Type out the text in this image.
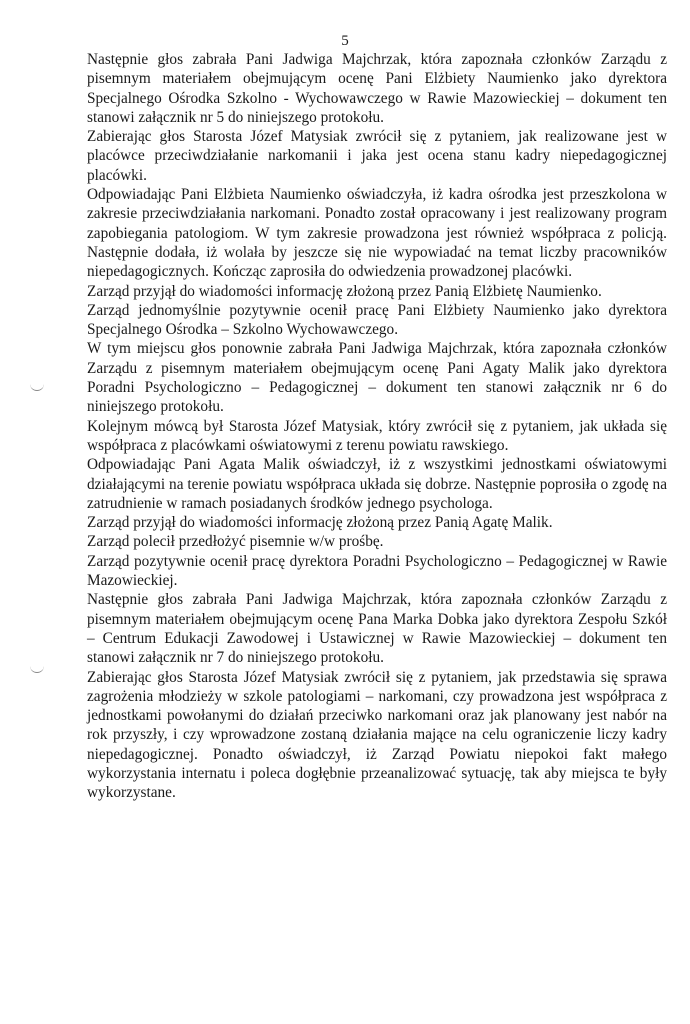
5

Następnie głos zabrała Pani Jadwiga Majchrzak, która zapoznała członków Zarządu z pisemnym materiałem obejmującym ocenę Pani Elżbiety Naumienko jako dyrektora Specjalnego Ośrodka Szkolno - Wychowawczego w Rawie Mazowieckiej – dokument ten stanowi załącznik nr 5 do niniejszego protokołu.

Zabierając głos Starosta Józef Matysiak zwrócił się z pytaniem, jak realizowane jest w placówce przeciwdziałanie narkomanii i jaka jest ocena stanu kadry niepedagogicznej placówki.

Odpowiadając Pani Elżbieta Naumienko oświadczyła, iż kadra ośrodka jest przeszkolona w zakresie przeciwdziałania narkomani. Ponadto został opracowany i jest realizowany program zapobiegania patologiom. W tym zakresie prowadzona jest również współpraca z policją. Następnie dodała, iż wolała by jeszcze się nie wypowiadać na temat liczby pracowników niepedagogicznych. Kończąc zaprosiła do odwiedzenia prowadzonej placówki.

Zarząd przyjął do wiadomości informację złożoną przez Panią Elżbietę Naumienko.

Zarząd jednomyślnie pozytywnie ocenił pracę Pani Elżbiety Naumienko jako dyrektora Specjalnego Ośrodka – Szkolno Wychowawczego.

W tym miejscu głos ponownie zabrała Pani Jadwiga Majchrzak, która zapoznała członków Zarządu z pisemnym materiałem obejmującym ocenę Pani Agaty Malik jako dyrektora Poradni Psychologiczno – Pedagogicznej – dokument ten stanowi załącznik nr 6 do niniejszego protokołu.

Kolejnym mówcą był Starosta Józef Matysiak, który zwrócił się z pytaniem, jak układa się współpraca z placówkami oświatowymi z terenu powiatu rawskiego.

Odpowiadając Pani Agata Malik oświadczył, iż z wszystkimi jednostkami oświatowymi działającymi na terenie powiatu współpraca układa się dobrze. Następnie poprosiła o zgodę na zatrudnienie w ramach posiadanych środków jednego psychologa.

Zarząd przyjął do wiadomości informację złożoną przez Panią Agatę Malik.

Zarząd polecił przedłożyć pisemnie w/w prośbę.

Zarząd pozytywnie ocenił pracę dyrektora Poradni Psychologiczno – Pedagogicznej w Rawie Mazowieckiej.

Następnie głos zabrała Pani Jadwiga Majchrzak, która zapoznała członków Zarządu z pisemnym materiałem obejmującym ocenę Pana Marka Dobka jako dyrektora Zespołu Szkół – Centrum Edukacji Zawodowej i Ustawicznej w Rawie Mazowieckiej – dokument ten stanowi załącznik nr 7 do niniejszego protokołu.

Zabierając głos Starosta Józef Matysiak zwrócił się z pytaniem, jak przedstawia się sprawa zagrożenia młodzieży w szkole patologiami – narkomani, czy prowadzona jest współpraca z jednostkami powołanymi do działań przeciwko narkomani oraz jak planowany jest nabór na rok przyszły, i czy wprowadzone zostaną działania mające na celu ograniczenie liczy kadry niepedagogicznej. Ponadto oświadczył, iż Zarząd Powiatu niepokoi fakt małego wykorzystania internatu i poleca dogłębnie przeanalizować sytuację, tak aby miejsca te były wykorzystane.
